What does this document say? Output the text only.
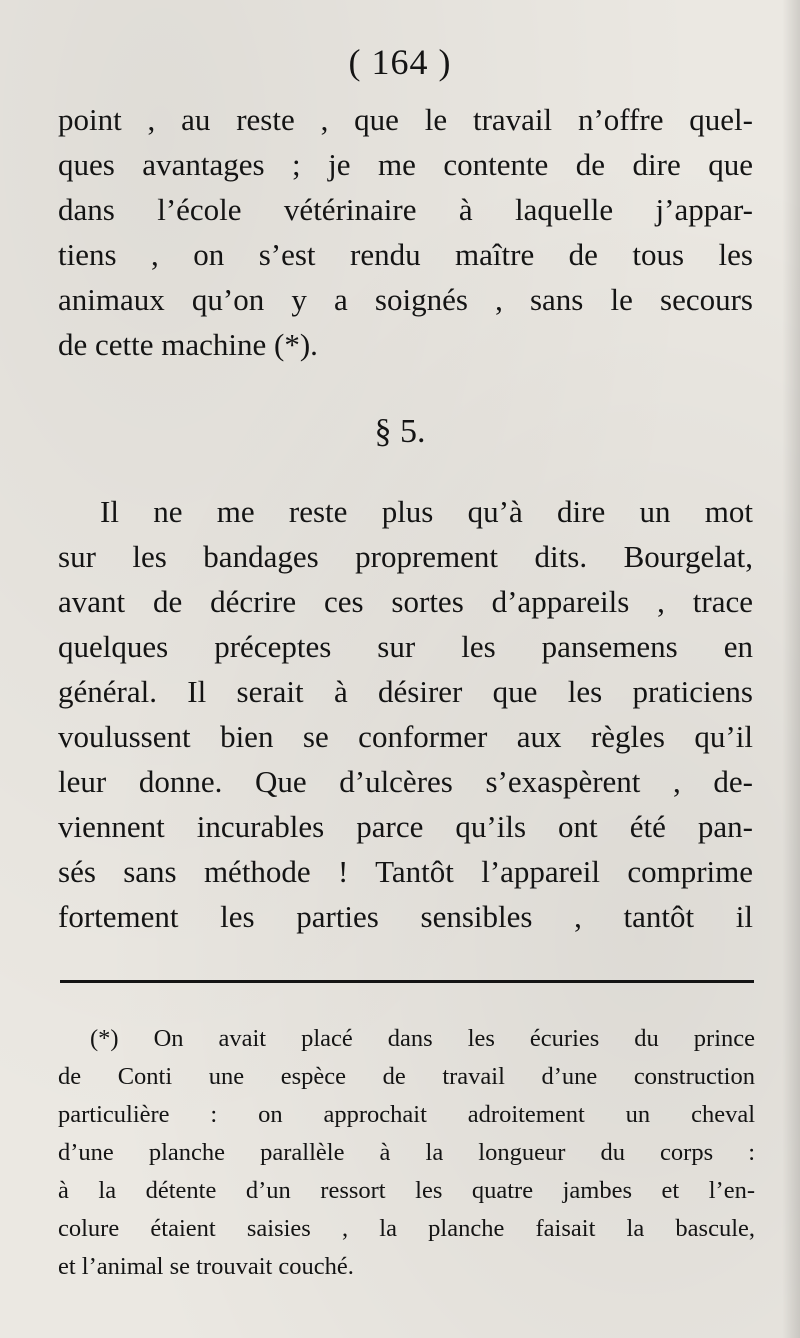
( 164 )
point , au reste , que le travail n’offre quel-
ques avantages ; je me contente de dire que
dans l’école vétérinaire à laquelle j’appar-
tiens , on s’est rendu maître de tous les
animaux qu’on y a soignés , sans le secours
de cette machine (*).
§ 5.
Il ne me reste plus qu’à dire un mot
sur les bandages proprement dits. Bourgelat,
avant de décrire ces sortes d’appareils , trace
quelques préceptes sur les pansemens en
général. Il serait à désirer que les praticiens
voulussent bien se conformer aux règles qu’il
leur donne. Que d’ulcères s’exaspèrent , de-
viennent incurables parce qu’ils ont été pan-
sés sans méthode ! Tantôt l’appareil comprime
fortement les parties sensibles , tantôt il
(*) On avait placé dans les écuries du prince
de Conti une espèce de travail d’une construction
particulière : on approchait adroitement un cheval
d’une planche parallèle à la longueur du corps :
à la détente d’un ressort les quatre jambes et l’en-
colure étaient saisies , la planche faisait la bascule,
et l’animal se trouvait couché.
